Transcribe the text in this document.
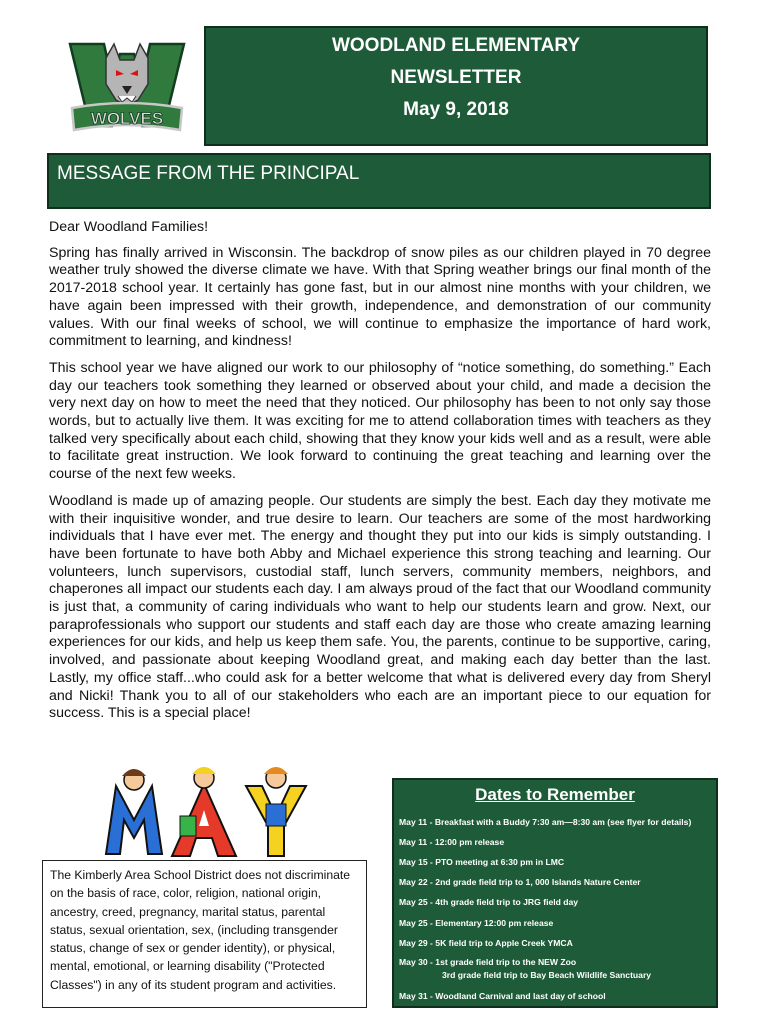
WOLVES
WOODLAND ELEMENTARY
NEWSLETTER
May 9, 2018
MESSAGE FROM THE PRINCIPAL

Dear Woodland Families!

Spring has finally arrived in Wisconsin. The backdrop of snow piles as our children played in 70 degree weather truly showed the diverse climate we have. With that Spring weather brings our final month of the 2017-2018 school year. It certainly has gone fast, but in our almost nine months with your children, we have again been impressed with their growth, independence, and demonstration of our community values. With our final weeks of school, we will continue to emphasize the importance of hard work, commitment to learning, and kindness!

This school year we have aligned our work to our philosophy of “notice something, do something.” Each day our teachers took something they learned or observed about your child, and made a decision the very next day on how to meet the need that they noticed. Our philosophy has been to not only say those words, but to actually live them. It was exciting for me to attend collaboration times with teachers as they talked very specifically about each child, showing that they know your kids well and as a result, were able to facilitate great instruction. We look forward to continuing the great teaching and learning over the course of the next few weeks.

Woodland is made up of amazing people. Our students are simply the best. Each day they motivate me with their inquisitive wonder, and true desire to learn. Our teachers are some of the most hardworking individuals that I have ever met. The energy and thought they put into our kids is simply outstanding. I have been fortunate to have both Abby and Michael experience this strong teaching and learning. Our volunteers, lunch supervisors, custodial staff, lunch servers, community members, neighbors, and chaperones all impact our students each day. I am always proud of the fact that our Woodland community is just that, a community of caring individuals who want to help our students learn and grow. Next, our paraprofessionals who support our students and staff each day are those who create amazing learning experiences for our kids, and help us keep them safe. You, the parents, continue to be supportive, caring, involved, and passionate about keeping Woodland great, and making each day better than the last. Lastly, my office staff...who could ask for a better welcome that what is delivered every day from Sheryl and Nicki! Thank you to all of our stakeholders who each are an important piece to our equation for success. This is a special place!

MAY
The Kimberly Area School District does not discriminate on the basis of race, color, religion, national origin, ancestry, creed, pregnancy, marital status, parental status, sexual orientation, sex, (including transgender status, change of sex or gender identity), or physical, mental, emotional, or learning disability ("Protected Classes") in any of its student program and activities.
Dates to Remember
May 11 - Breakfast with a Buddy 7:30 am—8:30 am (see flyer for details)
May 11 - 12:00 pm release
May 15 - PTO meeting at 6:30 pm in LMC
May 22 - 2nd grade field trip to 1, 000 Islands Nature Center
May 25 - 4th grade field trip to JRG field day
May 25 - Elementary 12:00 pm release
May 29 - 5K field trip to Apple Creek YMCA
May 30 - 1st grade field trip to the NEW Zoo
3rd grade field trip to Bay Beach Wildlife Sanctuary
May 31 - Woodland Carnival and last day of school
